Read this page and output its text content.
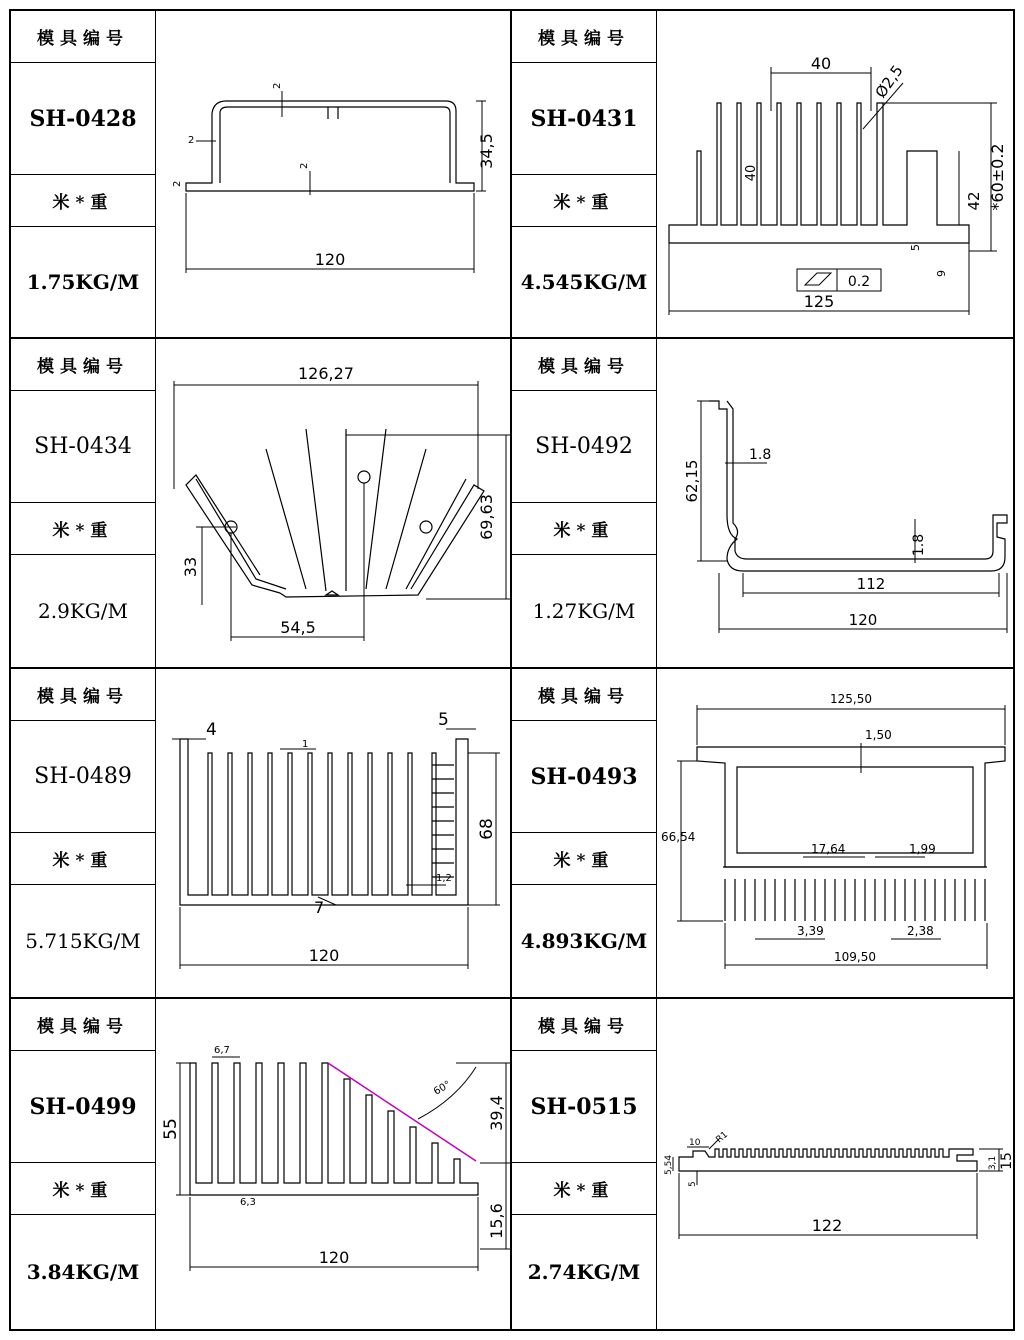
模具编号
SH-0428
米*重
1.75KG/M
120
34,5
2
2
2
2
模具编号
SH-0431
米*重
4.545KG/M
125
0.2
40	Ø2,5
40	*60±0.2
42
5
9
模具编号
SH-0434
米*重
2.9KG/M
126,27
69,63
33
54,5
模具编号
SH-0492
米*重
1.27KG/M
62,15
1.8
1.8
112
120
模具编号
SH-0489
米*重
5.715KG/M
120
4	5
1
68
1,2
7
模具编号
SH-0493
米*重
4.893KG/M
125,50
1,50
66,54
17,64	1,99
3,39	2,38
109,50
模具编号
SH-0499
米*重
3.84KG/M
60°
6,7
55
6,3
39,4
15,6
120
模具编号
SH-0515
米*重
2.74KG/M
122
10 R1
5,54
5
3,1 15
